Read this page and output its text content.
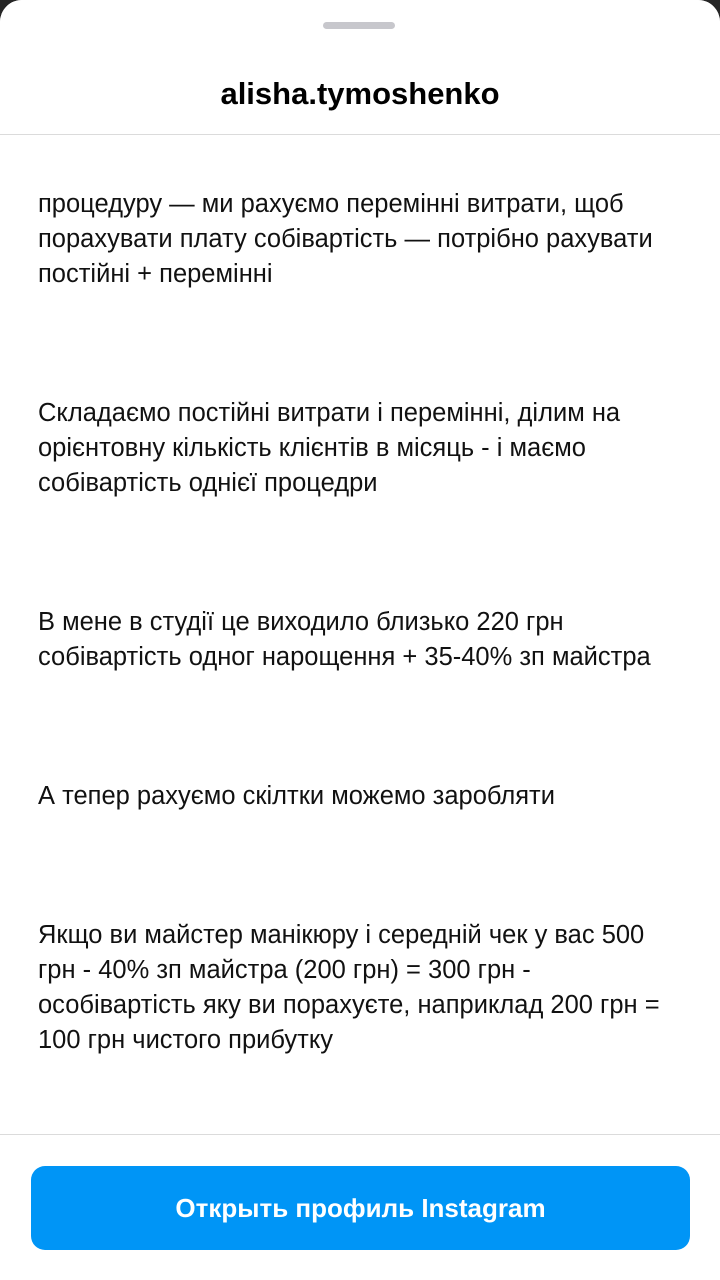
процедуру — ми рахуємо перемінні витрати, щоб порахувати плату собівартість — потрібно рахувати постійні + перемінні

Складаємо постійні витрати і перемінні, ділим на орієнтовну кількість клієнтів в місяць - і маємо собівартість однієї процедри

В мене в студії це виходило близько 220 грн собівартість одног нарощення + 35-40% зп майстра

А тепер рахуємо скілтки можемо заробляти

Якщо ви майстер манікюру і середній чек у вас 500 грн - 40% зп майстра (200 грн) = 300 грн - особівартість яку ви порахуєте, наприклад 200 грн = 100 грн чистого прибутку

alisha.tymoshenko
Открыть профиль Instagram
